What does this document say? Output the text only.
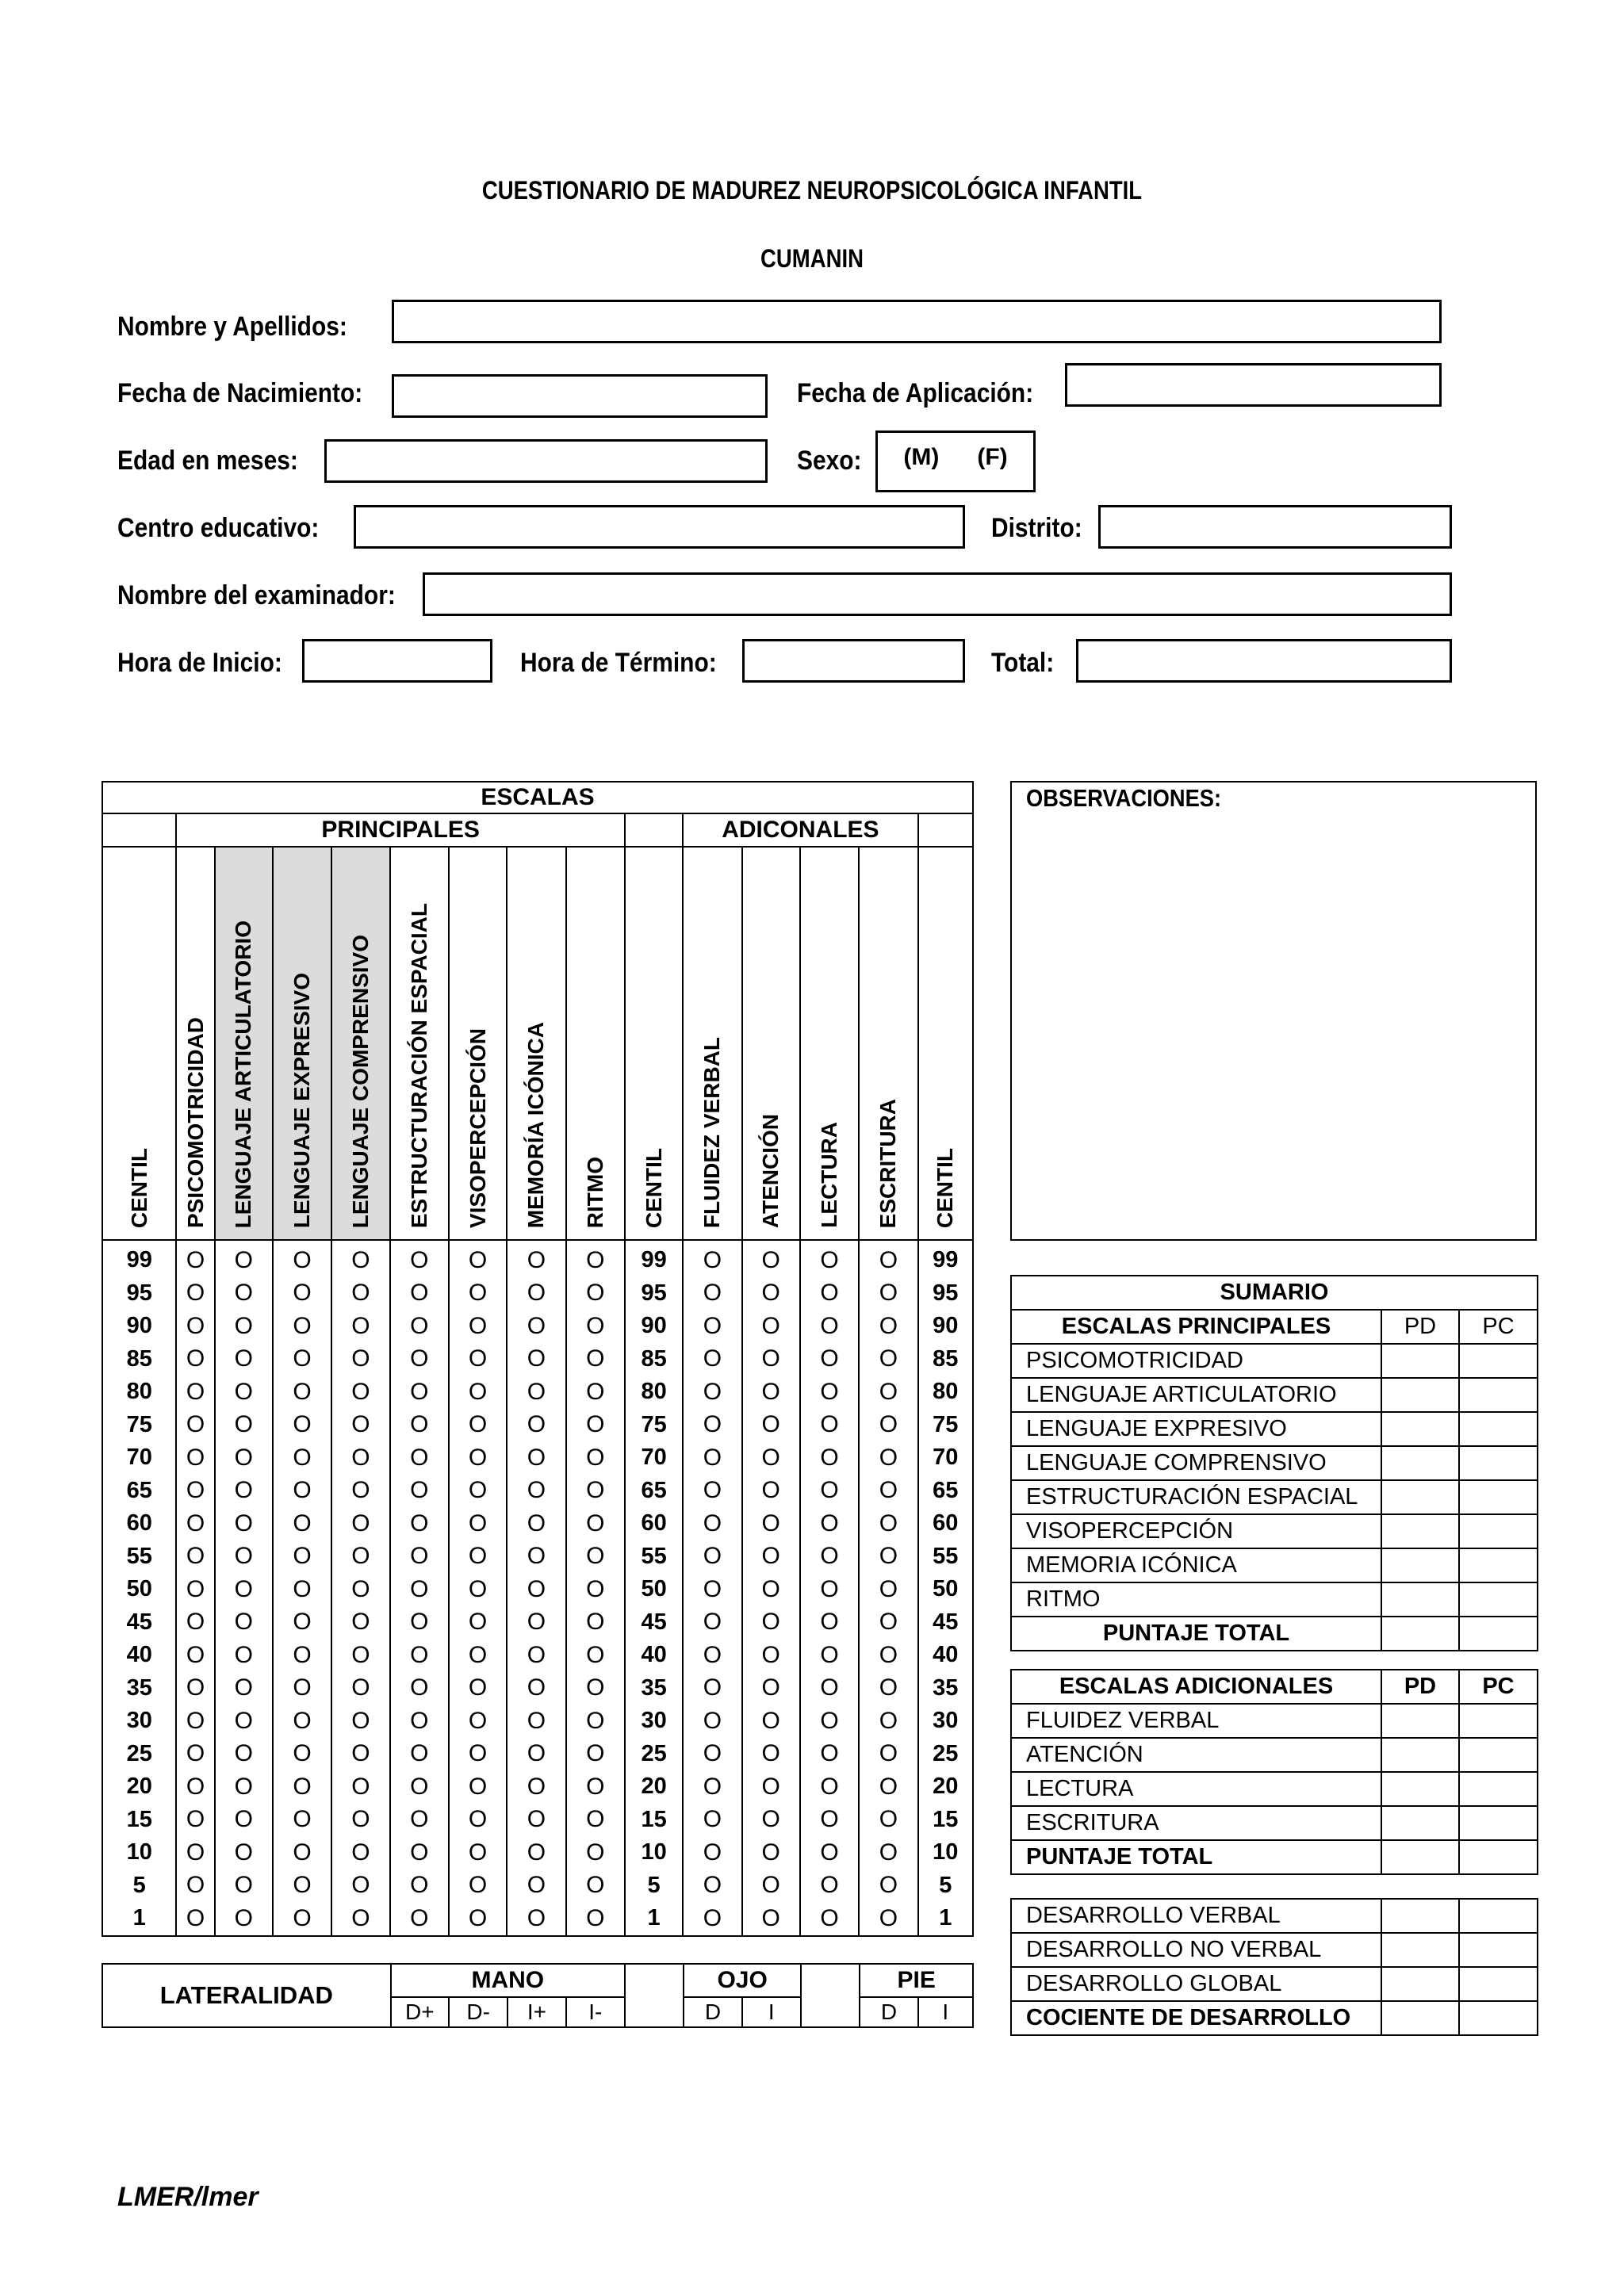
CUESTIONARIO DE MADUREZ NEUROPSICOLÓGICA INFANTIL
CUMANIN
Nombre y Apellidos:
Fecha de Nacimiento:	Fecha de Aplicación:
Edad en meses:	Sexo: (M) (F)
Centro educativo:	Distrito:
Nombre del examinador:
Hora de Inicio:	Hora de Término:	Total:
ESCALAS														
	PRINCIPALES									ADICONALES				

CENTIL	PSICOMOTRICIDAD	LENGUAJE ARTICULATORIO	LENGUAJE EXPRESIVO	LENGUAJE COMPRENSIVO	ESTRUCTURACIÓN ESPACIAL	VISOPERCEPCIÓN	MEMORÍA ICÓNICA	RITMO	CENTIL	FLUIDEZ VERBAL	ATENCIÓN	LECTURA	ESCRITURA	CENTIL

99	O	O	O	O	O	O	O	O	99	O	O	O	O	99
95	O	O	O	O	O	O	O	O	95	O	O	O	O	95
90	O	O	O	O	O	O	O	O	90	O	O	O	O	90
85	O	O	O	O	O	O	O	O	85	O	O	O	O	85
80	O	O	O	O	O	O	O	O	80	O	O	O	O	80
75	O	O	O	O	O	O	O	O	75	O	O	O	O	75
70	O	O	O	O	O	O	O	O	70	O	O	O	O	70
65	O	O	O	O	O	O	O	O	65	O	O	O	O	65
60	O	O	O	O	O	O	O	O	60	O	O	O	O	60
55	O	O	O	O	O	O	O	O	55	O	O	O	O	55
50	O	O	O	O	O	O	O	O	50	O	O	O	O	50
45	O	O	O	O	O	O	O	O	45	O	O	O	O	45
40	O	O	O	O	O	O	O	O	40	O	O	O	O	40
35	O	O	O	O	O	O	O	O	35	O	O	O	O	35
30	O	O	O	O	O	O	O	O	30	O	O	O	O	30
25	O	O	O	O	O	O	O	O	25	O	O	O	O	25
20	O	O	O	O	O	O	O	O	20	O	O	O	O	20
15	O	O	O	O	O	O	O	O	15	O	O	O	O	15
10	O	O	O	O	O	O	O	O	10	O	O	O	O	10
5	O	O	O	O	O	O	O	O	5	O	O	O	O	5
1	O	O	O	O	O	O	O	O	1	O	O	O	O	1
LATERALIDAD	MANO					OJO			PIE	
	D+	D-	I+	I-		D	I		D	I
OBSERVACIONES:
SUMARIO		
ESCALAS PRINCIPALES	PD	PC
PSICOMOTRICIDAD		
LENGUAJE ARTICULATORIO		
LENGUAJE EXPRESIVO		
LENGUAJE COMPRENSIVO		
ESTRUCTURACIÓN ESPACIAL		
VISOPERCEPCIÓN		
MEMORIA ICÓNICA		
RITMO		
PUNTAJE TOTAL		
ESCALAS ADICIONALES	PD	PC
FLUIDEZ VERBAL		
ATENCIÓN		
LECTURA		
ESCRITURA		
PUNTAJE TOTAL		
DESARROLLO VERBAL		
DESARROLLO NO VERBAL		
DESARROLLO GLOBAL		
COCIENTE DE DESARROLLO		
LMER/lmer
